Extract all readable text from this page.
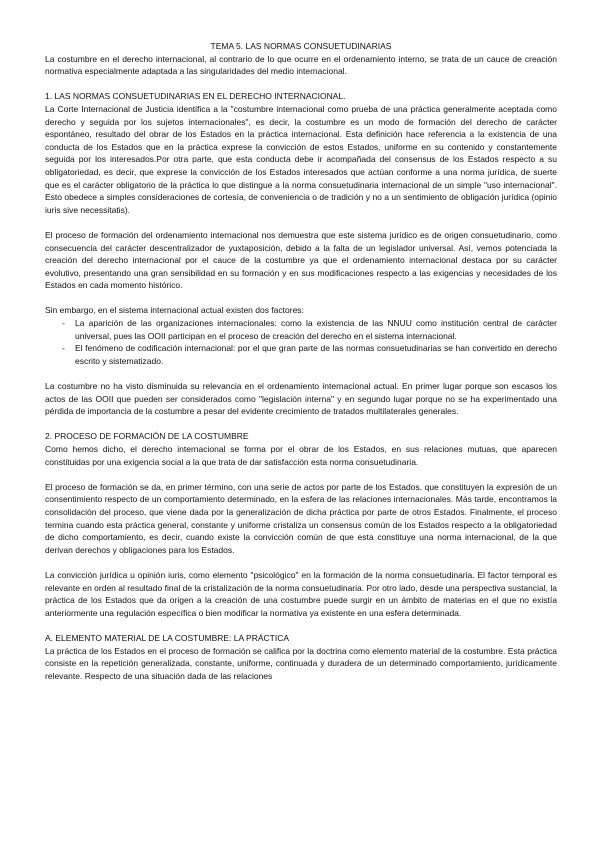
TEMA 5. LAS NORMAS CONSUETUDINARIAS

La costumbre en el derecho internacional, al contrario de lo que ocurre en el ordenamiento interno, se trata de un cauce de creación normativa especialmente adaptada a las singularidades del medio internacional.

1. LAS NORMAS CONSUETUDINARIAS EN EL DERECHO INTERNACIONAL.

La Corte Internacional de Justicia identifica a la "costumbre internacional como prueba de una práctica generalmente aceptada como derecho y seguida por los sujetos internacionales", es decir, la costumbre es un modo de formación del derecho de carácter espontáneo, resultado del obrar de los Estados en la práctica internacional. Esta definición hace referencia a la existencia de una conducta de los Estados que en la práctica exprese la convicción de estos Estados, uniforme en su contenido y constantemente seguida por los interesados.Por otra parte, que esta conducta debe ir acompañada del consensus de los Estados respecto a su obligatoriedad, es decir, que exprese la convicción de los Estados interesados que actúan conforme a una norma jurídica, de suerte que es el carácter obligatorio de la práctica lo que distingue a la norma consuetudinaria internacional de un simple "uso internacional". Esto obedece a simples consideraciones de cortesía, de conveniencia o de tradición y no a un sentimiento de obligación jurídica (opinio iuris sive necessitatis).

El proceso de formación del ordenamiento internacional nos demuestra que este sistema jurídico es de origen consuetudinario, como consecuencia del carácter descentralizador de yuxtaposición, debido a la falta de un legislador universal. Así, vemos potenciada la creación del derecho internacional por el cauce de la costumbre ya que el ordenamiento internacional destaca por su carácter evolutivo, presentando una gran sensibilidad en su formación y en sus modificaciones respecto a las exigencias y necesidades de los Estados en cada momento histórico.

Sin embargo, en el sistema internacional actual existen dos factores:

- La aparición de las organizaciones internacionales: como la existencia de las NNUU como institución central de carácter universal, pues las OOII participan en el proceso de creación del derecho en el sistema internacional.
- El fenómeno de codificación internacional: por el que gran parte de las normas consuetudinarias se han convertido en derecho escrito y sistematizado.

La costumbre no ha visto disminuida su relevancia en el ordenamiento internacional actual. En primer lugar porque son escasos los actos de las OOII que pueden ser considerados como "legislación interna" y en segundo lugar porque no se ha experimentado una pérdida de importancia de la costumbre a pesar del evidente crecimiento de tratados multilaterales generales.

2. PROCESO DE FORMACIÓN DE LA COSTUMBRE

Como hemos dicho, el derecho internacional se forma por el obrar de los Estados, en sus relaciones mutuas, que aparecen constituidas por una exigencia social a la que trata de dar satisfacción esta norma consuetudinaria.

El proceso de formación se da, en primer término, con una serie de actos por parte de los Estados, que constituyen la expresión de un consentimiento respecto de un comportamiento determinado, en la esfera de las relaciones internacionales. Más tarde, encontramos la consolidación del proceso, que viene dada por la generalización de dicha práctica por parte de otros Estados. Finalmente, el proceso termina cuando esta práctica general, constante y uniforme cristaliza un consensus común de los Estados respecto a la obligatoriedad de dicho comportamiento, es decir, cuando existe la convicción común de que esta constituye una norma internacional, de la que derivan derechos y obligaciones para los Estados.

La convicción jurídica u opinión iuris, como elemento "psicológico" en la formación de la norma consuetudinaria. El factor temporal es relevante en orden al resultado final de la cristalización de la norma consuetudinaria. Por otro lado, desde una perspectiva sustancial, la práctica de los Estados que da origen a la creación de una costumbre puede surgir en un ámbito de materias en el que no existía anteriormente una regulación específica o bien modificar la normativa ya existente en una esfera determinada.

A. ELEMENTO MATERIAL DE LA COSTUMBRE: LA PRÁCTICA

La práctica de los Estados en el proceso de formación se califica por la doctrina como elemento material de la costumbre. Esta práctica consiste en la repetición generalizada, constante, uniforme, continuada y duradera de un determinado comportamiento, jurídicamente relevante. Respecto de una situación dada de las relaciones
